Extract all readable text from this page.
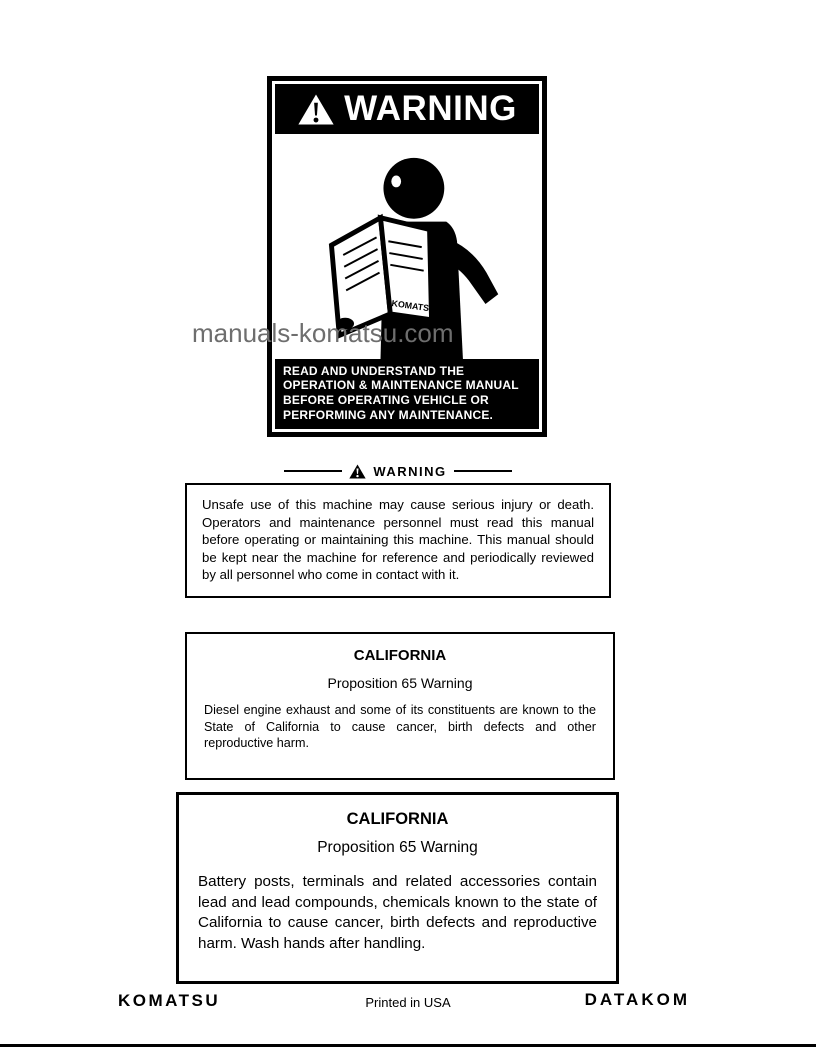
WARNING
KOMATSU
READ AND UNDERSTAND THE
OPERATION & MAINTENANCE MANUAL
BEFORE OPERATING VEHICLE OR
PERFORMING ANY MAINTENANCE.
manuals-komatsu.com
WARNING

Unsafe use of this machine may cause serious injury or death. Operators and maintenance personnel must read this manual before operating or maintaining this machine. This manual should be kept near the machine for reference and periodically reviewed by all personnel who come in contact with it.

CALIFORNIA
Proposition 65 Warning

Diesel engine exhaust and some of its constituents are known to the State of California to cause cancer, birth defects and other reproductive harm.

CALIFORNIA
Proposition 65 Warning

Battery posts, terminals and related accessories contain lead and lead compounds, chemicals known to the state of California to cause cancer, birth defects and reproductive harm. Wash hands after handling.

KOMATSU	Printed in USA	DATAKOM
